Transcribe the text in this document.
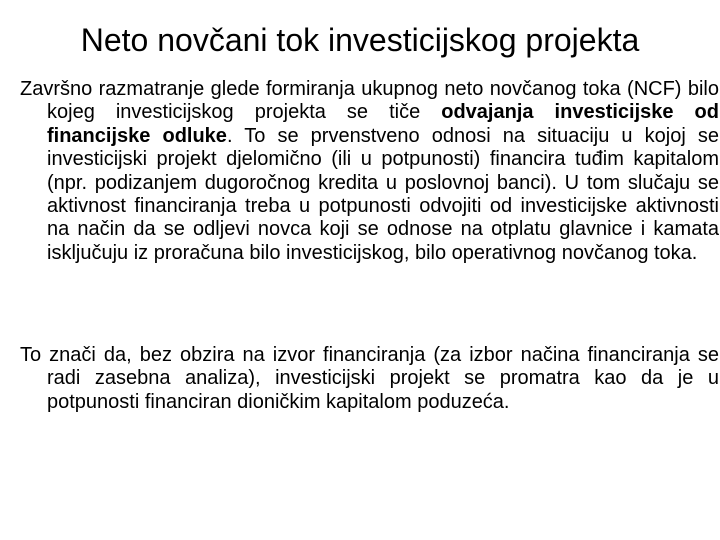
Neto novčani tok investicijskog projekta

Završno razmatranje glede formiranja ukupnog neto novčanog toka (NCF) bilo kojeg investicijskog projekta se tiče odvajanja investicijske od financijske odluke. To se prvenstveno odnosi na situaciju u kojoj se investicijski projekt djelomično (ili u potpunosti) financira tuđim kapitalom (npr. podizanjem dugoročnog kredita u poslovnoj banci). U tom slučaju se aktivnost financiranja treba u potpunosti odvojiti od investicijske aktivnosti na način da se odljevi novca koji se odnose na otplatu glavnice i kamata isključuju iz proračuna bilo investicijskog, bilo operativnog novčanog toka.

To znači da, bez obzira na izvor financiranja (za izbor načina financiranja se radi zasebna analiza), investicijski projekt se promatra kao da je u potpunosti financiran dioničkim kapitalom poduzeća.
